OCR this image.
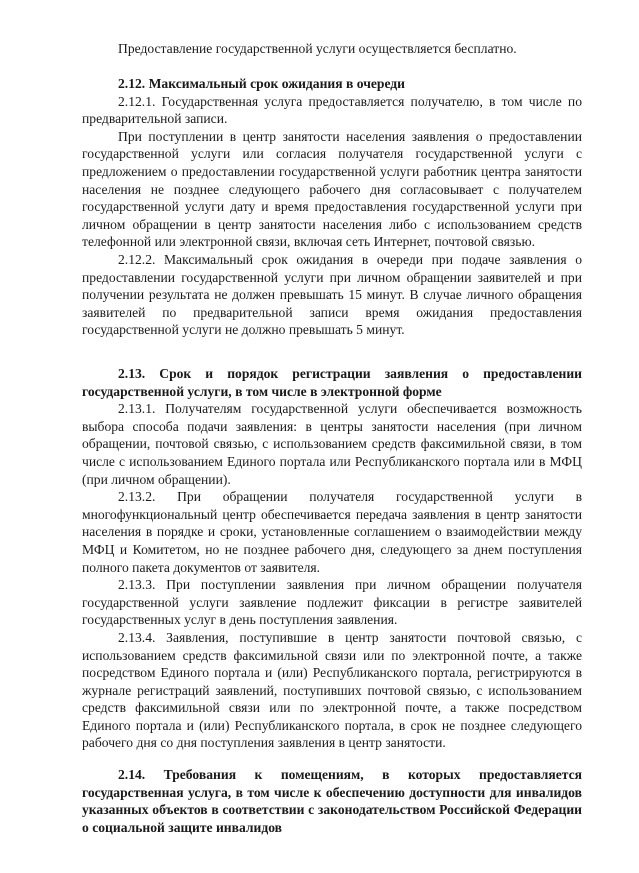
Предоставление государственной услуги осуществляется бесплатно.

2.12. Максимальный срок ожидания в очереди

2.12.1. Государственная услуга предоставляется получателю, в том числе по предварительной записи.

При поступлении в центр занятости населения заявления о предоставлении государственной услуги или согласия получателя государственной услуги с предложением о предоставлении государственной услуги работник центра занятости населения не позднее следующего рабочего дня согласовывает с получателем государственной услуги дату и время предоставления государственной услуги при личном обращении в центр занятости населения либо с использованием средств телефонной или электронной связи, включая сеть Интернет, почтовой связью.

2.12.2. Максимальный срок ожидания в очереди при подаче заявления о предоставлении государственной услуги при личном обращении заявителей и при получении результата не должен превышать 15 минут. В случае личного обращения заявителей по предварительной записи время ожидания предоставления государственной услуги не должно превышать 5 минут.

2.13. Срок и порядок регистрации заявления о предоставлении государственной услуги, в том числе в электронной форме

2.13.1. Получателям государственной услуги обеспечивается возможность выбора способа подачи заявления: в центры занятости населения (при личном обращении, почтовой связью, с использованием средств факсимильной связи, в том числе с использованием Единого портала или Республиканского портала или в МФЦ (при личном обращении).

2.13.2. При обращении получателя государственной услуги в многофункциональный центр обеспечивается передача заявления в центр занятости населения в порядке и сроки, установленные соглашением о взаимодействии между МФЦ и Комитетом, но не позднее рабочего дня, следующего за днем поступления полного пакета документов от заявителя.

2.13.3. При поступлении заявления при личном обращении получателя государственной услуги заявление подлежит фиксации в регистре заявителей государственных услуг в день поступления заявления.

2.13.4. Заявления, поступившие в центр занятости почтовой связью, с использованием средств факсимильной связи или по электронной почте, а также посредством Единого портала и (или) Республиканского портала, регистрируются в журнале регистраций заявлений, поступивших почтовой связью, с использованием средств факсимильной связи или по электронной почте, а также посредством Единого портала и (или) Республиканского портала, в срок не позднее следующего рабочего дня со дня поступления заявления в центр занятости.

2.14. Требования к помещениям, в которых предоставляется государственная услуга, в том числе к обеспечению доступности для инвалидов указанных объектов в соответствии с законодательством Российской Федерации о социальной защите инвалидов
